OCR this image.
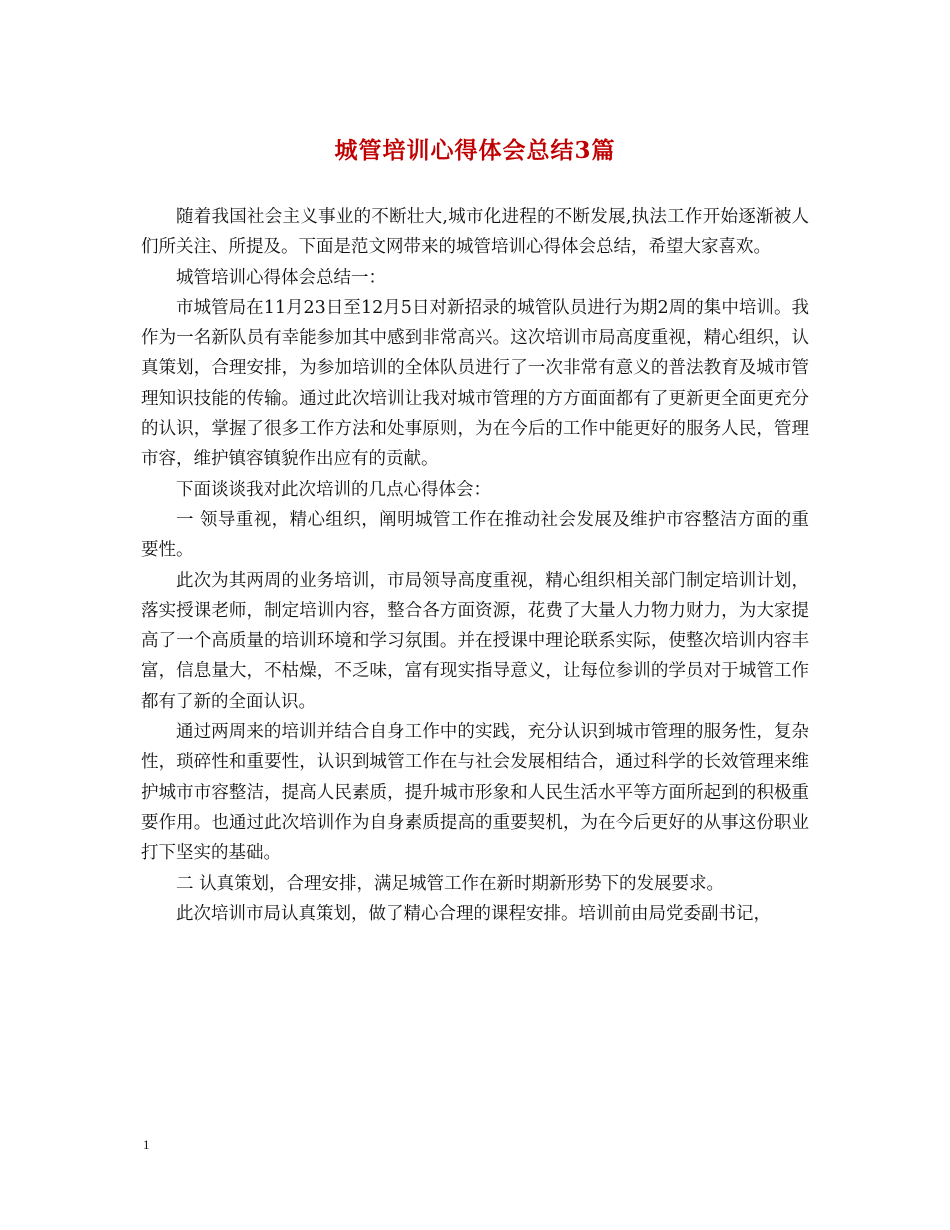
城管培训心得体会总结3篇

随着我国社会主义事业的不断壮大,城市化进程的不断发展,执法工作开始逐渐被人们所关注、所提及。下面是范文网带来的城管培训心得体会总结，希望大家喜欢。

城管培训心得体会总结一：

市城管局在11月23日至12月5日对新招录的城管队员进行为期2周的集中培训。我作为一名新队员有幸能参加其中感到非常高兴。这次培训市局高度重视，精心组织，认真策划，合理安排，为参加培训的全体队员进行了一次非常有意义的普法教育及城市管理知识技能的传输。通过此次培训让我对城市管理的方方面面都有了更新更全面更充分的认识，掌握了很多工作方法和处事原则，为在今后的工作中能更好的服务人民，管理市容，维护镇容镇貌作出应有的贡献。

下面谈谈我对此次培训的几点心得体会：

一 领导重视，精心组织，阐明城管工作在推动社会发展及维护市容整洁方面的重要性。

此次为其两周的业务培训，市局领导高度重视，精心组织相关部门制定培训计划，落实授课老师，制定培训内容，整合各方面资源，花费了大量人力物力财力，为大家提高了一个高质量的培训环境和学习氛围。并在授课中理论联系实际，使整次培训内容丰富，信息量大，不枯燥，不乏味，富有现实指导意义，让每位参训的学员对于城管工作都有了新的全面认识。

通过两周来的培训并结合自身工作中的实践，充分认识到城市管理的服务性，复杂性，琐碎性和重要性，认识到城管工作在与社会发展相结合，通过科学的长效管理来维护城市市容整洁，提高人民素质，提升城市形象和人民生活水平等方面所起到的积极重要作用。也通过此次培训作为自身素质提高的重要契机，为在今后更好的从事这份职业打下坚实的基础。

二 认真策划，合理安排，满足城管工作在新时期新形势下的发展要求。

此次培训市局认真策划，做了精心合理的课程安排。培训前由局党委副书记，

1
